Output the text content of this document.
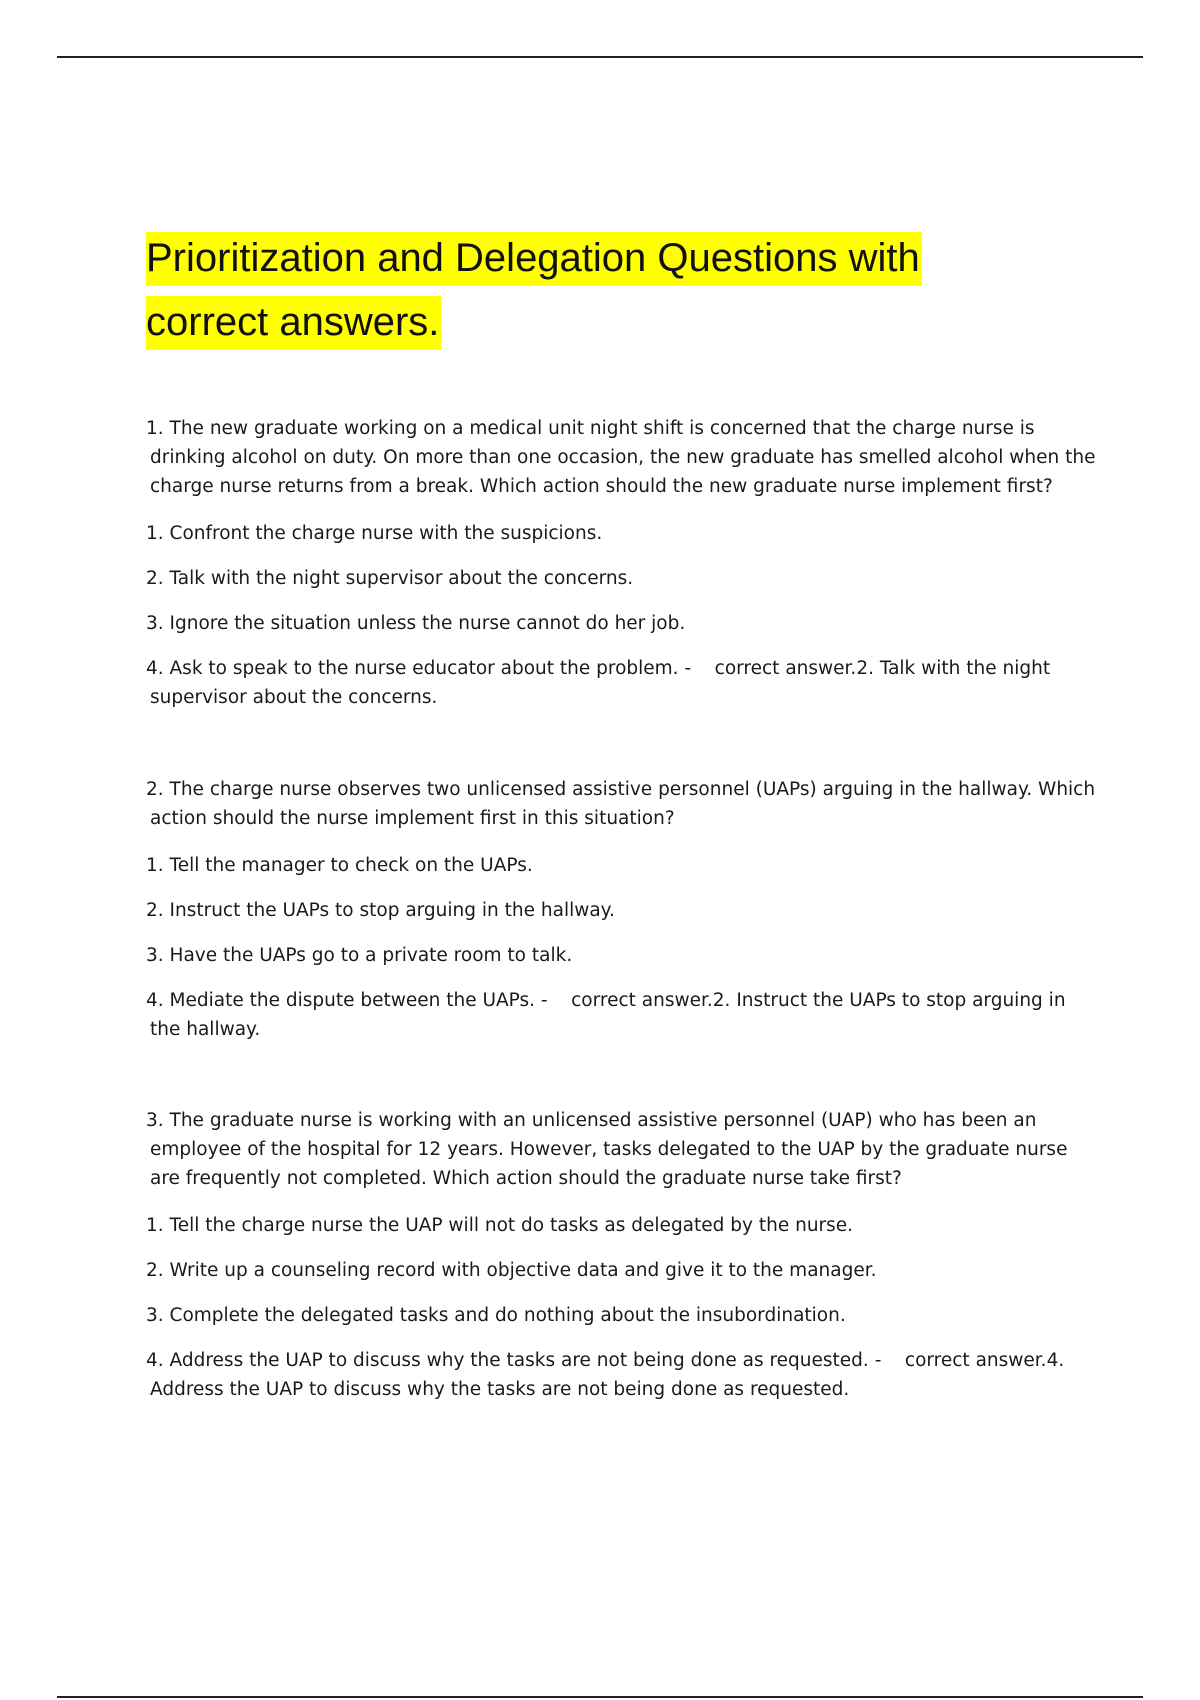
Prioritization and Delegation Questions with
correct answers.

1. The new graduate working on a medical unit night shift is concerned that the charge nurse is drinking alcohol on duty. On more than one occasion, the new graduate has smelled alcohol when the charge nurse returns from a break. Which action should the new graduate nurse implement first?

1. Confront the charge nurse with the suspicions.

2. Talk with the night supervisor about the concerns.

3. Ignore the situation unless the nurse cannot do her job.

4. Ask to speak to the nurse educator about the problem. -    correct answer.2. Talk with the night supervisor about the concerns.

2. The charge nurse observes two unlicensed assistive personnel (UAPs) arguing in the hallway. Which action should the nurse implement first in this situation?

1. Tell the manager to check on the UAPs.

2. Instruct the UAPs to stop arguing in the hallway.

3. Have the UAPs go to a private room to talk.

4. Mediate the dispute between the UAPs. -    correct answer.2. Instruct the UAPs to stop arguing in the hallway.

3. The graduate nurse is working with an unlicensed assistive personnel (UAP) who has been an employee of the hospital for 12 years. However, tasks delegated to the UAP by the graduate nurse are frequently not completed. Which action should the graduate nurse take first?

1. Tell the charge nurse the UAP will not do tasks as delegated by the nurse.

2. Write up a counseling record with objective data and give it to the manager.

3. Complete the delegated tasks and do nothing about the insubordination.

4. Address the UAP to discuss why the tasks are not being done as requested. -    correct answer.4. Address the UAP to discuss why the tasks are not being done as requested.
